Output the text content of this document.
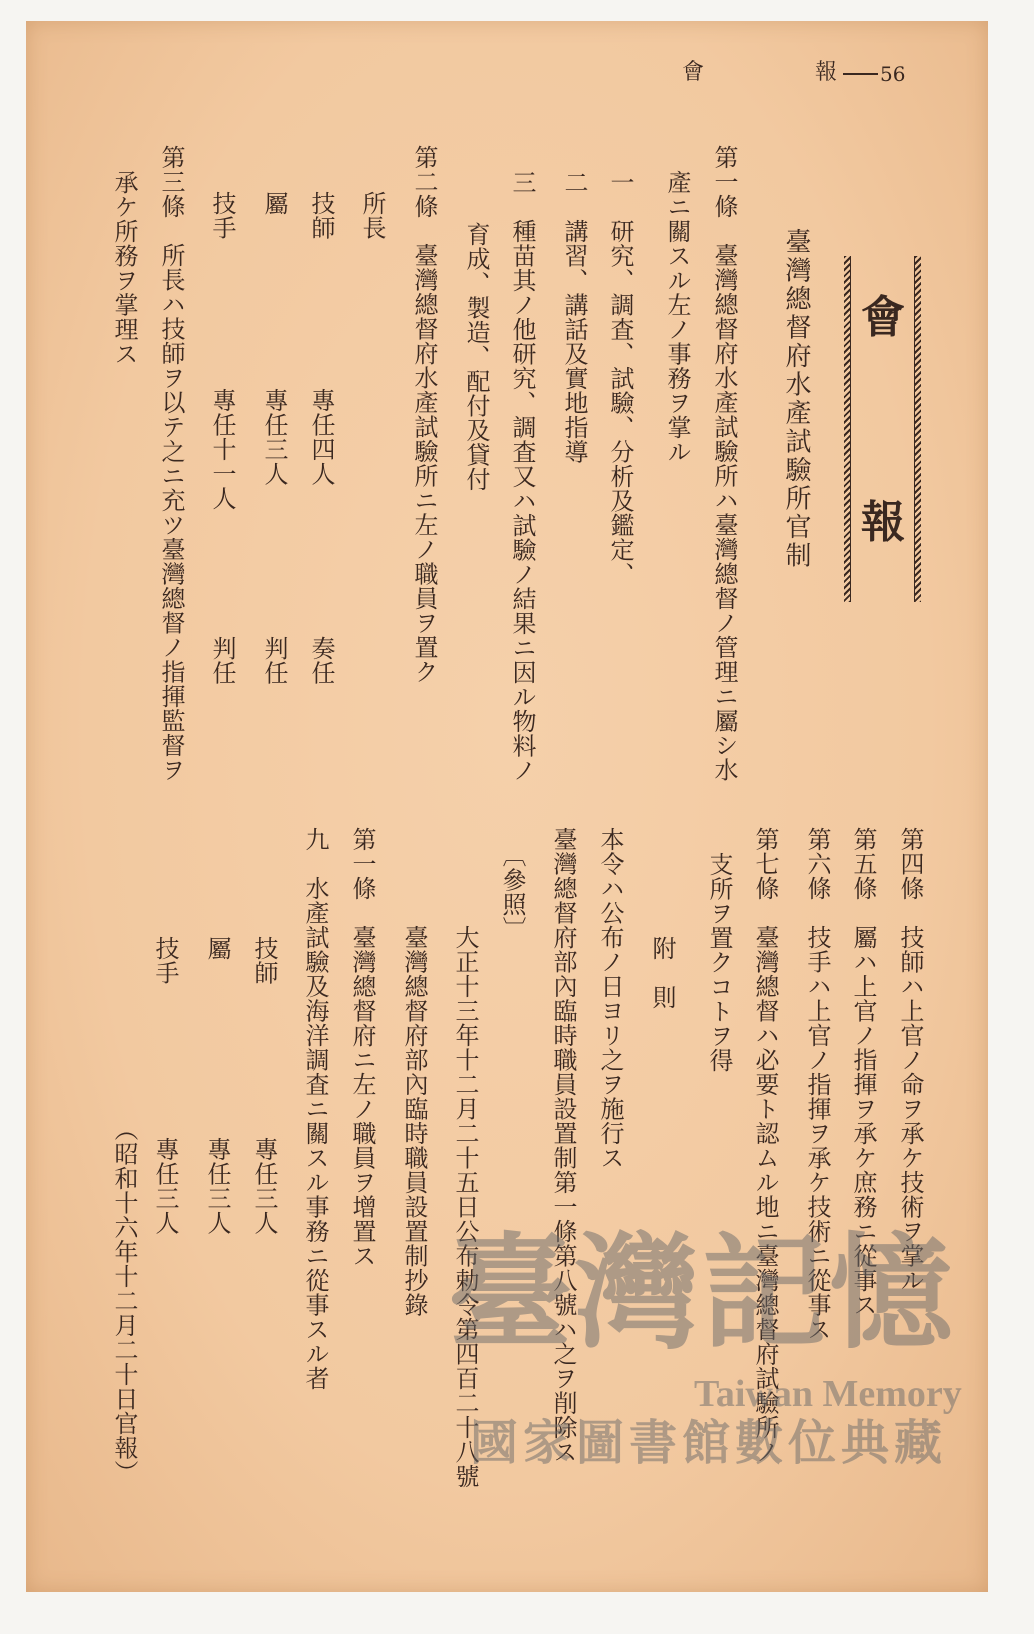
會	報 56
會
報
臺灣總督府水產試驗所官制
第一條　臺灣總督府水產試驗所ハ臺灣總督ノ管理ニ屬シ水
產ニ關スル左ノ事務ヲ掌ル
一　研究、調査、試驗、分析及鑑定、
二　講習、講話及實地指導
三　種苗其ノ他研究、調査又ハ試驗ノ結果ニ因ル物料ノ
育成、製造、配付及貸付
第二條　臺灣總督府水產試驗所ニ左ノ職員ヲ置ク
所長
技師
專任四人
奏任
屬
專任三人
判任
技手
專任十一人
判任
第三條　所長ハ技師ヲ以テ之ニ充ツ臺灣總督ノ指揮監督ヲ
承ケ所務ヲ掌理ス
第四條　技師ハ上官ノ命ヲ承ケ技術ヲ掌ル
第五條　屬ハ上官ノ指揮ヲ承ケ庶務ニ從事ス
第六條　技手ハ上官ノ指揮ヲ承ケ技術ニ從事ス
第七條　臺灣總督ハ必要ト認ムル地ニ臺灣總督府試驗所ノ
支所ヲ置クコトヲ得
附　則
本令ハ公布ノ日ヨリ之ヲ施行ス
臺灣總督府部內臨時職員設置制第一條第八號ハ之ヲ削除ス
〔參照〕
大正十三年十二月二十五日公布勅令第四百二十八號
臺灣總督府部內臨時職員設置制抄錄
第一條　臺灣總督府ニ左ノ職員ヲ增置ス
九　水產試驗及海洋調査ニ關スル事務ニ從事スル者
技師
專任三人
屬
專任三人
技手
專任三人
（昭和十六年十二月二十日官報）	臺灣記憶
Taiwan Memory
國家圖書館數位典藏
